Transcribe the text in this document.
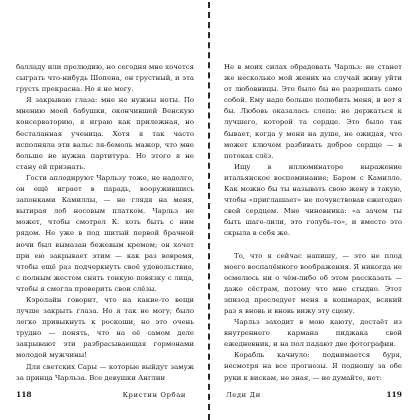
балладу или прелюдию, но сегодня мне хочется сыграть что-нибудь Шопена, он грустный, и эта грусть прекрасна. Но я не могу.

Я закрываю глаза: мне не нужны ноты. По мнению моей бабушки, окончившей Венскую консерваторию, я играю как прилежная, но бесталанная ученица. Хотя я так часто исполняла эти вальс ля-бемоль мажор, что мне больше не нужна партитура. Но этого я не стану ей признать.

Гости аплодируют Чарльзу тоже, не надолго, он ещё играет в парадь, вооружившись запонками Камиллы, — не глядя на меня, вытирая лоб носовым платком. Чарльз не может, чтобы смотрел К. хоть быть с ним рядом. Не уже в под шитый первой брачной ночи был вымазан бежевым кремом; он хочет при ею закрывает этим — как раз вовремя, чтобы ещё раз подчеркнуть своё удовольствие, с полным жестом снять тонкую повязку с лица, чтобы я смогла проверить свои слёзы.

Кэролайн говорит, что на какие-то вещи лучше закрыть глаза. Но я так не могу; было легко привыкнуть к роскоши, но это очень трудно — понять, что на её самом деле закрывают эти разбрасывающая гормонами молодой мужчины!

Для светских Сары — которые выйдут замуж за принца Чарльза. Все девушки Англии

118	Кристин Орбан

Не в моих силах обрадовать Чарльз: не станет же несколько мой жених на случай живу уйти от любовницы. Это было бы не разрешать само собой. Ему надо больше полюбить меня, и вот я бы. Любовь оказалась слепа: не держаться к лучшего, которой та сердце. Это было так бывает, когда у меня на душе, не ожидая, что может ключом разбивать доброе сердце — в потоках слёз.

Ищу в иллюминаторе выражение итальянское воспоминание; Баром с Камилле. Как можно бы ты называть свою жену в такую, чтобы «приглашает» не почувствовав ежегодно свой сердцем. Мне чиновника: «а зачем ты быть шаге-лили, это голубь-то», и вместо это скрыла в себя же.

То, что я сейчас напишу, — это не плод моего воспалённого воображения. Я никогда не осмелюсь ни о чём-либо об этом рассказать — даже сёстрам, потому что мне стыдно. Этот эпизод преследует меня в кошмарах, всякий раз я вновь и вновь вижу эту сцену.

Чарльз заходит в мою каюту, достаёт из внутреннего кармана пиджака свой ежедневник, и на пол падают две фотографии.

Корабль качнуло: поднимается буря, несмотря на все прогнозы. Я подношу за обе руки к вискам, не зная, — не думайте, нет:

Леди Ди	119
